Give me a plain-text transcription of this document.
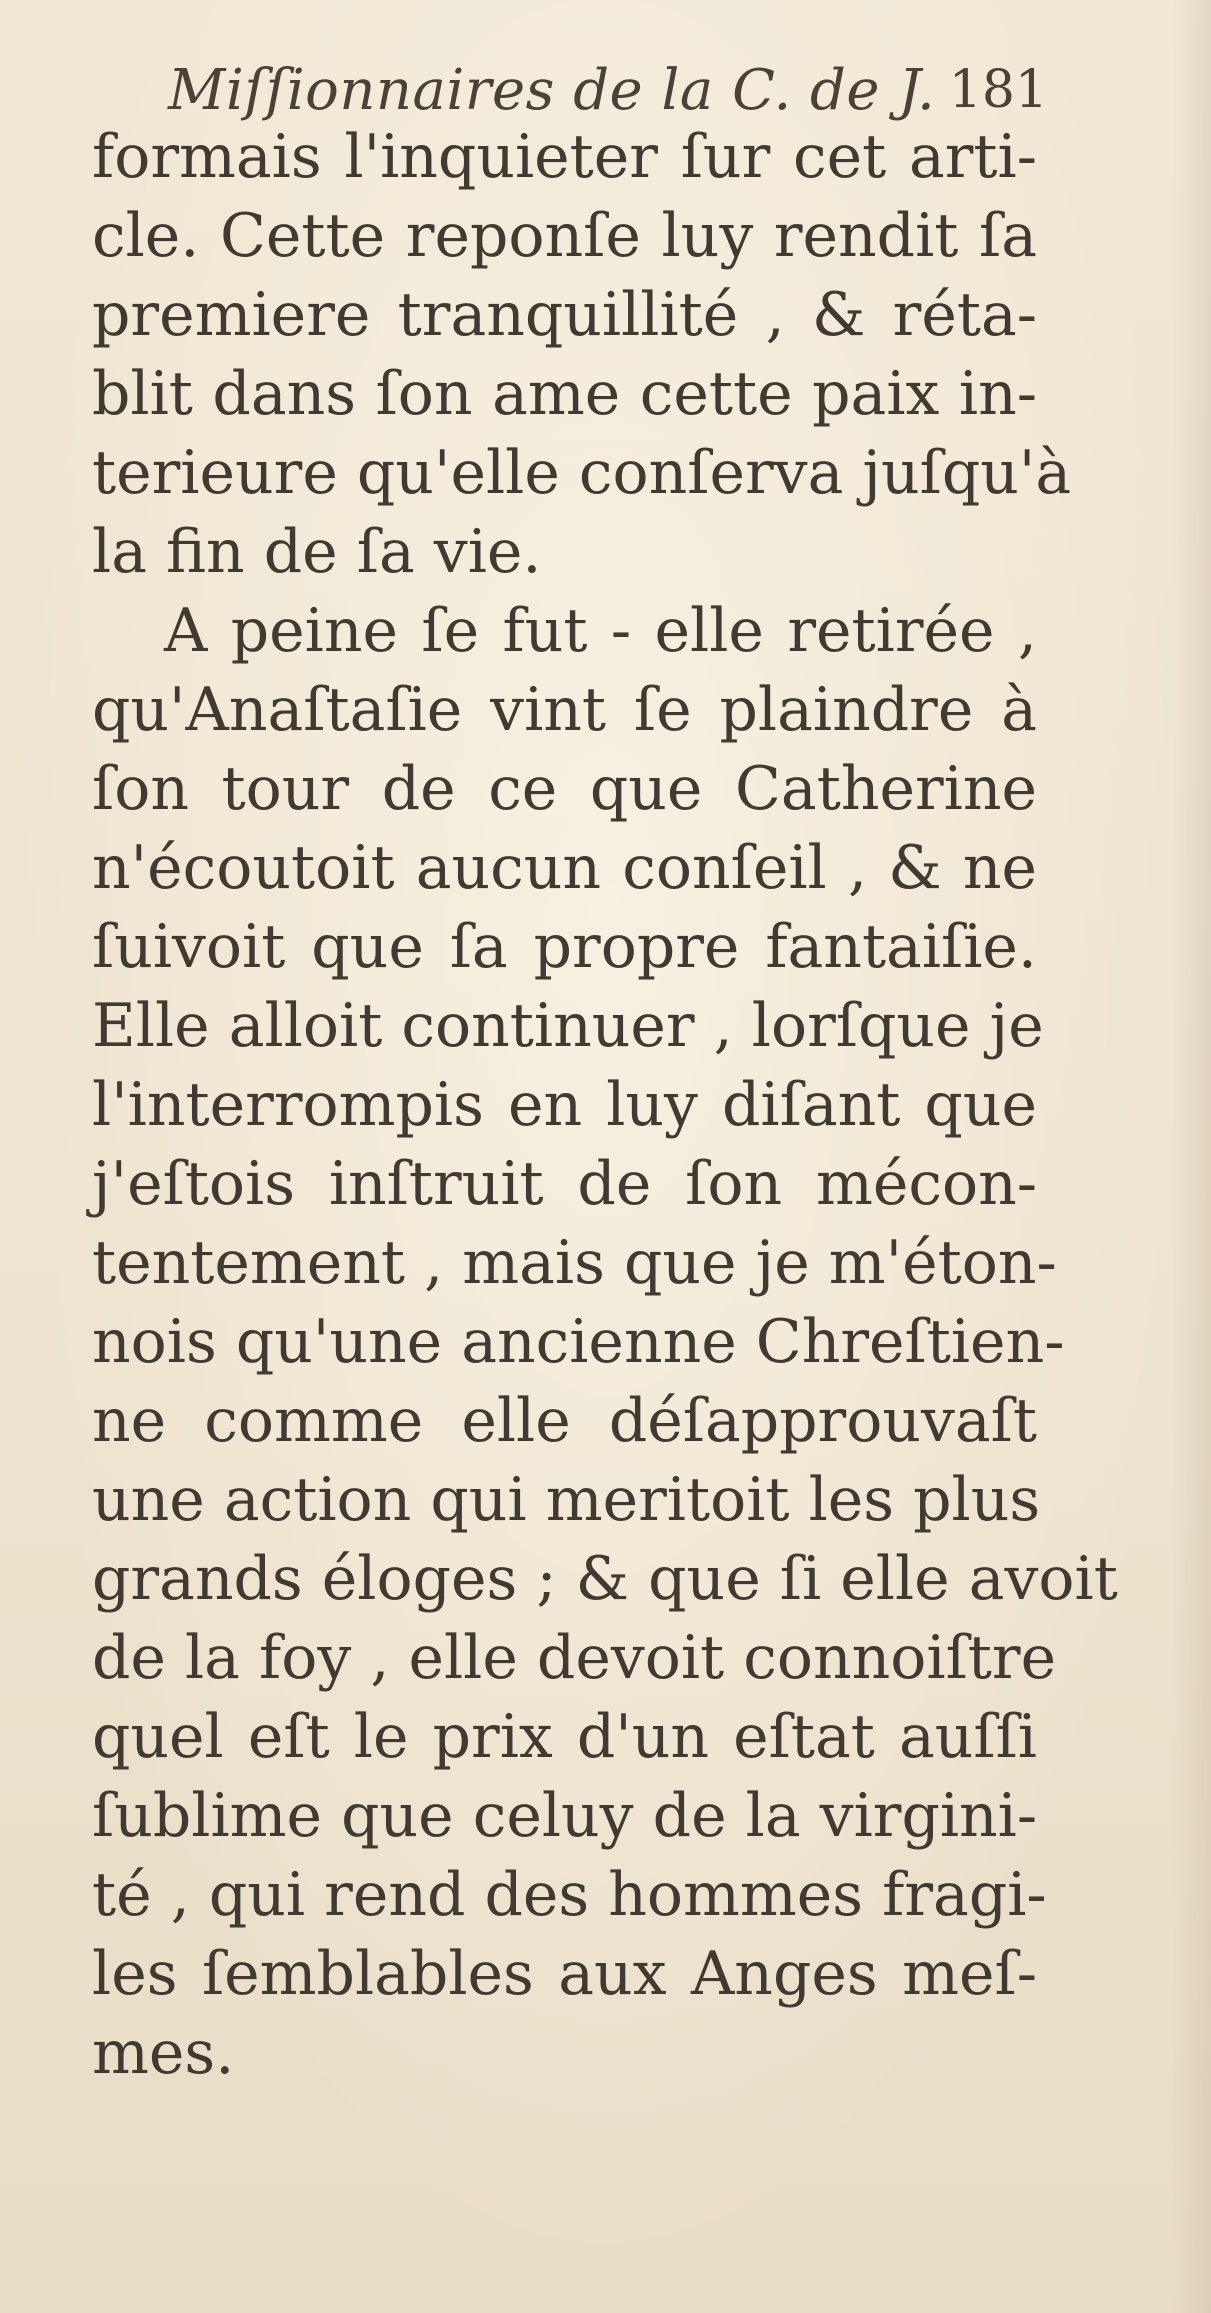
Miſſionnaires de la C. de J. 181
formais l'inquieter ſur cet arti-
cle. Cette reponſe luy rendit ſa
premiere tranquillité , & réta-
blit dans ſon ame cette paix in-
terieure qu'elle conſerva juſqu'à
la fin de ſa vie.
A peine ſe fut - elle retirée ,
qu'Anaſtaſie vint ſe plaindre à
ſon tour de ce que Catherine
n'écoutoit aucun conſeil , & ne
ſuivoit que ſa propre fantaiſie.
Elle alloit continuer , lorſque je
l'interrompis en luy diſant que
j'eſtois inſtruit de ſon mécon-
tentement , mais que je m'éton-
nois qu'une ancienne Chreſtien-
ne comme elle déſapprouvaſt
une action qui meritoit les plus
grands éloges ; & que ſi elle avoit
de la foy , elle devoit connoiſtre
quel eſt le prix d'un eſtat auſſi
ſublime que celuy de la virgini-
té , qui rend des hommes fragi-
les ſemblables aux Anges meſ-
mes.
